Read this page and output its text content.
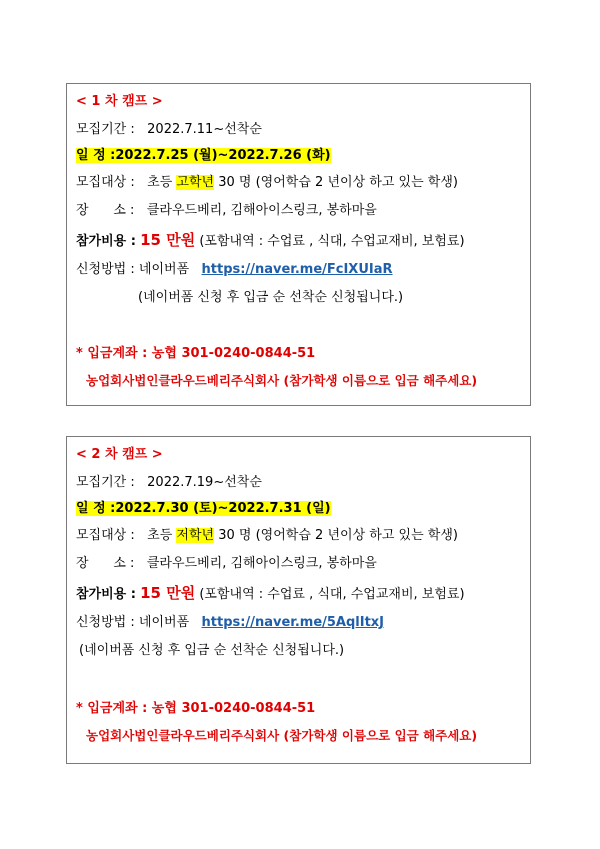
< 1 차 캠프 >
모집기간 : 2022.7.11~선착순
일 정 :2022.7.25 (월)~2022.7.26 (화)
모집대상 : 초등 고학년 30 명 (영어학습 2 년이상 하고 있는 학생)
장      소 : 클라우드베리, 김해아이스링크, 봉하마을
참가비용 : 15 만원 (포함내역 : 수업료 , 식대, 수업교재비, 보험료)
신청방법 : 네이버폼 https://naver.me/FcIXUIaR
(네이버폼 신청 후 입금 순 선착순 신청됩니다.)
* 입금계좌 : 농협 301-0240-0844-51
농업회사법인클라우드베리주식회사 (참가학생 이름으로 입금 해주세요)
< 2 차 캠프 >
모집기간 : 2022.7.19~선착순
일 정 :2022.7.30 (토)~2022.7.31 (일)
모집대상 : 초등 저학년 30 명 (영어학습 2 년이상 하고 있는 학생)
장      소 : 클라우드베리, 김해아이스링크, 봉하마을
참가비용 : 15 만원 (포함내역 : 수업료 , 식대, 수업교재비, 보험료)
신청방법 : 네이버폼 https://naver.me/5AqlItxJ
(네이버폼 신청 후 입금 순 선착순 신청됩니다.)
* 입금계좌 : 농협 301-0240-0844-51
농업회사법인클라우드베리주식회사 (참가학생 이름으로 입금 해주세요)
